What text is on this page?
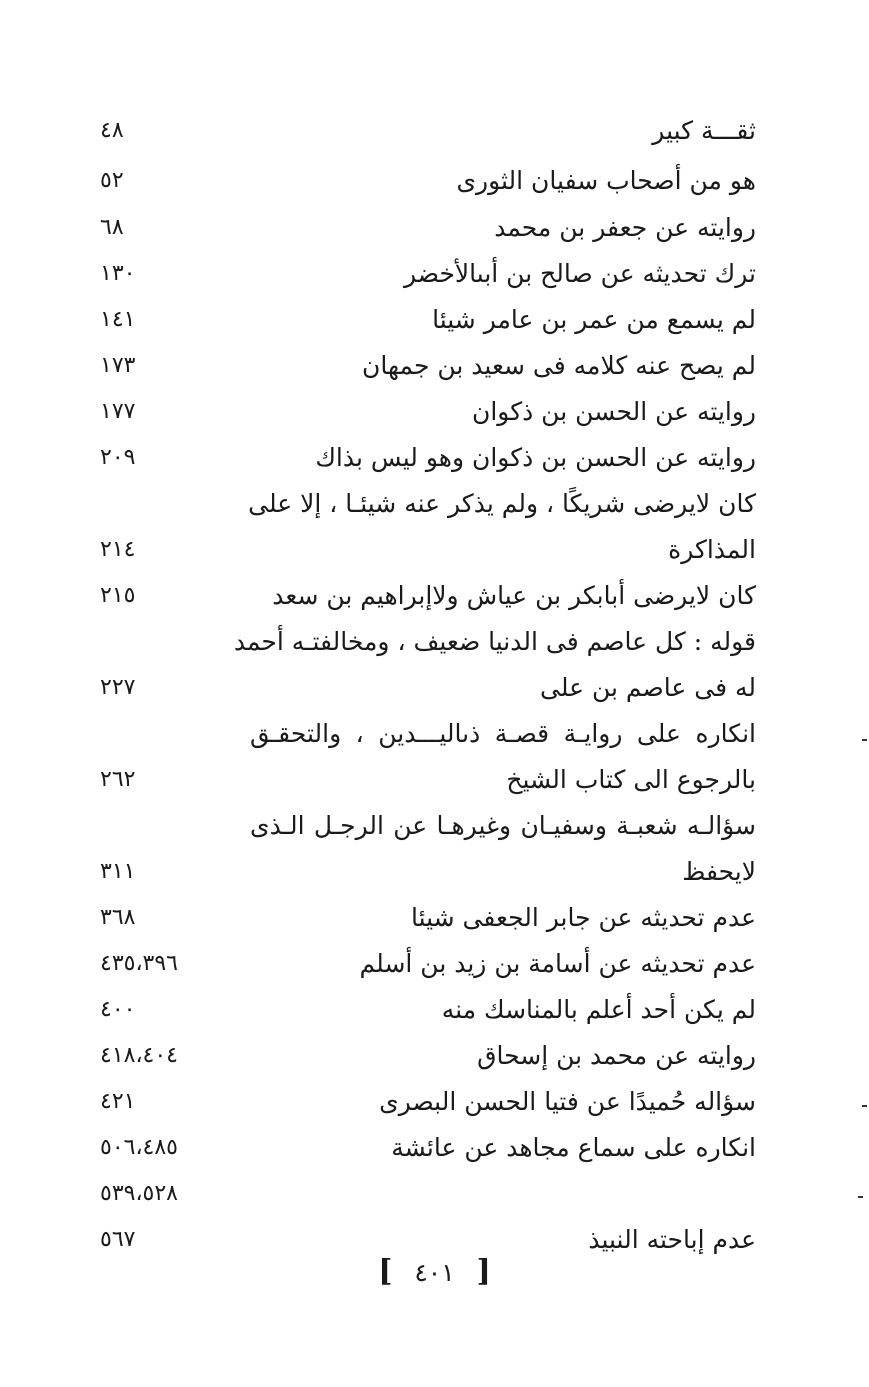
ثقـــة كبير
٤٨
هو من أصحاب سفيان الثورى
٥٢
روايته عن جعفر بن محمد
٦٨
ترك تحديثه عن صالح بن أبىالأخضر
١٣٠
لم يسمع من عمر بن عامر شيئا
١٤١
لم يصح عنه كلامه فى سعيد بن جمهان
١٧٣
روايته عن الحسن بن ذكوان
١٧٧
روايته عن الحسن بن ذكوان وهو ليس بذاك
٢٠٩
كان لايرضى شريكًا ، ولم يذكر عنه شيئـا ، إلا على
المذاكرة
٢١٤
كان لايرضى أبابكر بن عياش ولاإبراهيم بن سعد
٢١٥
قوله : كل عاصم فى الدنيا ضعيف ، ومخالفتـه أحمد
له فى عاصم بن على
٢٢٧
انكاره على روايـة قصـة ذىاليـــدين ، والتحقـق
بالرجوع الى كتاب الشيخ
٢٦٢
سؤالـه شعبـة وسفيـان وغيرهـا عن الرجـل الـذى
لايحفظ
٣١١
عدم تحديثه عن جابر الجعفى شيئا
٣٦٨
عدم تحديثه عن أسامة بن زيد بن أسلم
٤٣٥،٣٩٦
لم يكن أحد أعلم بالمناسك منه
٤٠٠
روايته عن محمد بن إسحاق
٤١٨،٤٠٤
سؤاله حُميدًا عن فتيا الحسن البصرى
٤٢١
انكاره على سماع مجاهد عن عائشة
٥٠٦،٤٨٥
٥٣٩،٥٢٨
عدم إباحته النبيذ
٥٦٧
[ ٤٠١ ]
